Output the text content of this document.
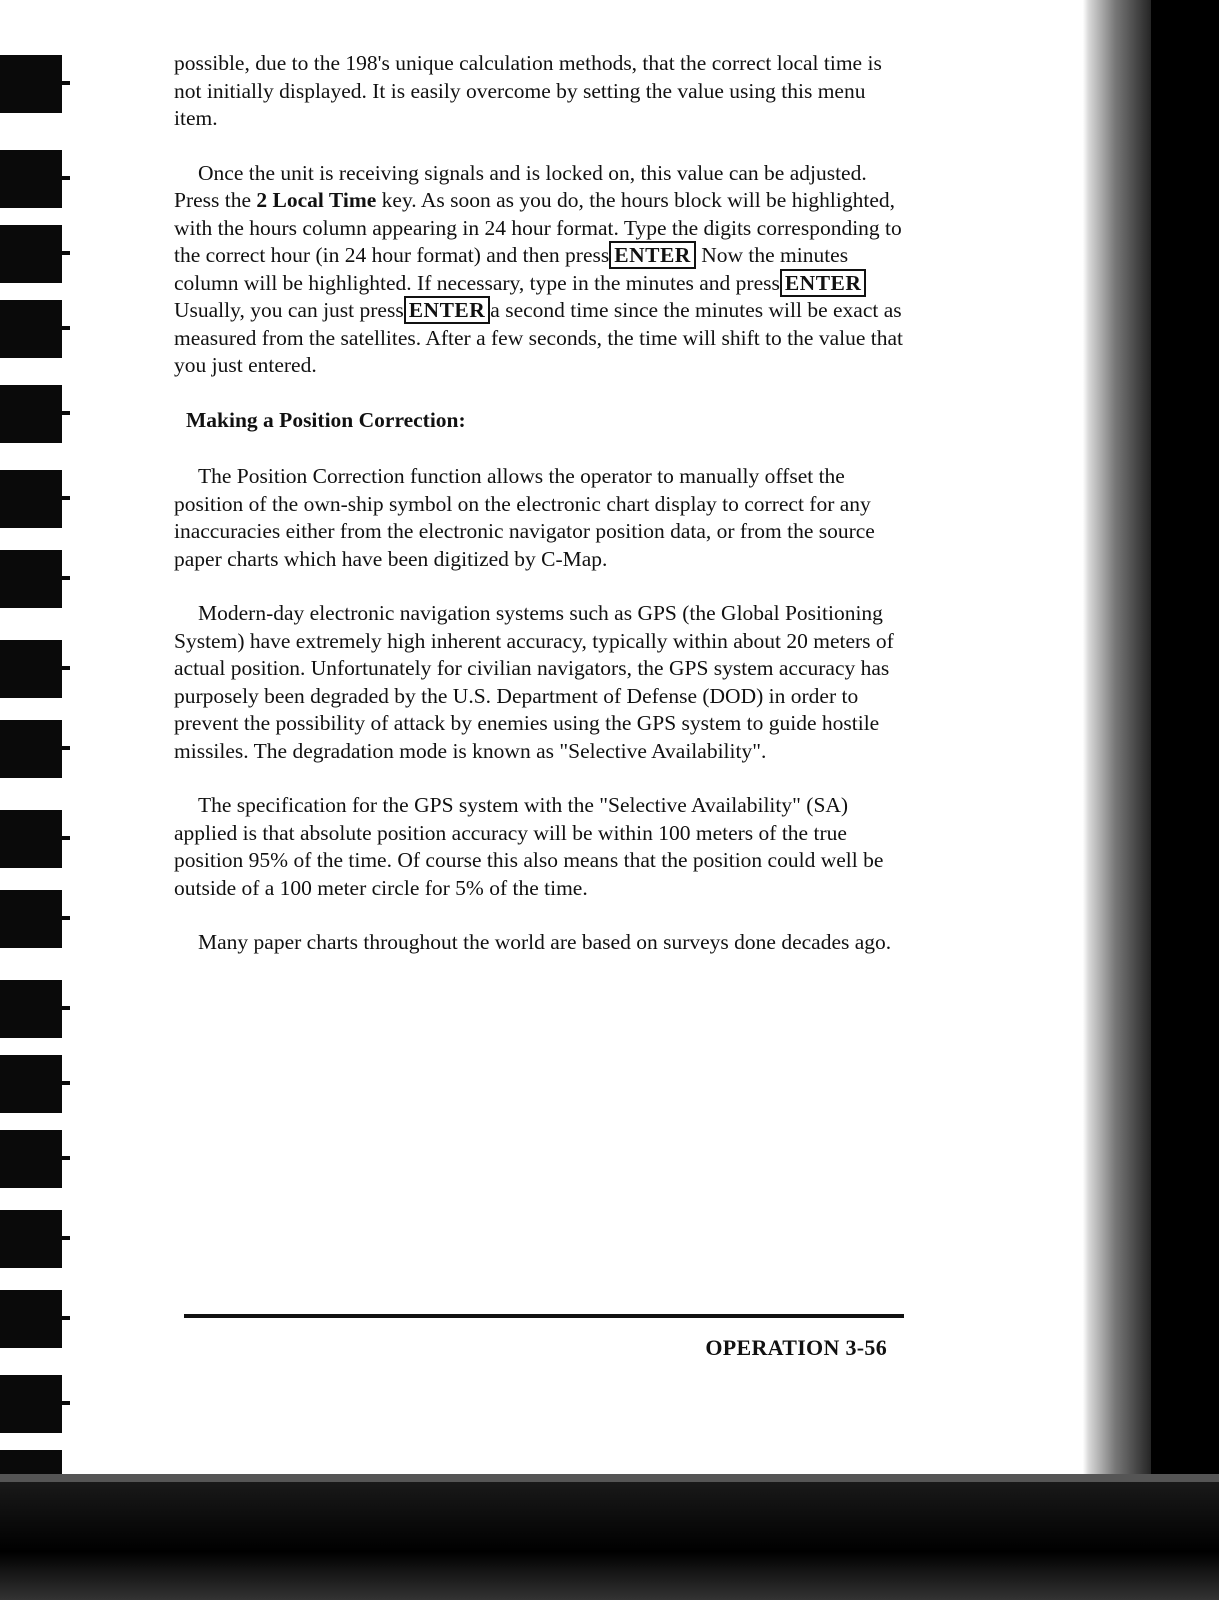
possible, due to the 198's unique calculation methods, that the correct local time is not initially displayed. It is easily overcome by setting the value using this menu item.

Once the unit is receiving signals and is locked on, this value can be adjusted. Press the 2 Local Time key. As soon as you do, the hours block will be highlighted, with the hours column appearing in 24 hour format. Type the digits corresponding to the correct hour (in 24 hour format) and then press ENTER Now the minutes column will be highlighted. If necessary, type in the minutes and press ENTER Usually, you can just press ENTER a second time since the minutes will be exact as measured from the satellites. After a few seconds, the time will shift to the value that you just entered.

Making a Position Correction:

The Position Correction function allows the operator to manually offset the position of the own-ship symbol on the electronic chart display to correct for any inaccuracies either from the electronic navigator position data, or from the source paper charts which have been digitized by C-Map.

Modern-day electronic navigation systems such as GPS (the Global Positioning System) have extremely high inherent accuracy, typically within about 20 meters of actual position. Unfortunately for civilian navigators, the GPS system accuracy has purposely been degraded by the U.S. Department of Defense (DOD) in order to prevent the possibility of attack by enemies using the GPS system to guide hostile missiles. The degradation mode is known as "Selective Availability".

The specification for the GPS system with the "Selective Availability" (SA) applied is that absolute position accuracy will be within 100 meters of the true position 95% of the time. Of course this also means that the position could well be outside of a 100 meter circle for 5% of the time.

Many paper charts throughout the world are based on surveys done decades ago.

OPERATION 3-56
